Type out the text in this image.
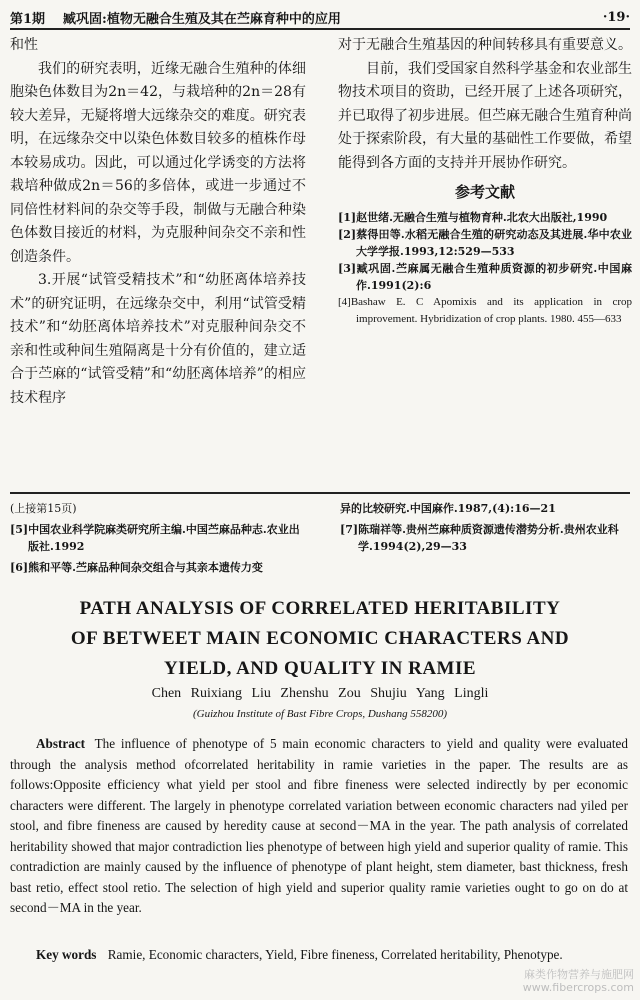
第1期 臧巩固:植物无融合生殖及其在苎麻育种中的应用	·19·

和性

我们的研究表明，近缘无融合生殖种的体细胞染色体数目为2n＝42，与栽培种的2n＝28有较大差异，无疑将增大远缘杂交的难度。研究表明，在远缘杂交中以染色体数目较多的植株作母本较易成功。因此，可以通过化学诱变的方法将栽培种做成2n＝56的多倍体，或进一步通过不同倍性材料间的杂交等手段，制做与无融合种染色体数目接近的材料，为克服种间杂交不亲和性创造条件。

3.开展“试管受精技术”和“幼胚离体培养技术”的研究证明，在远缘杂交中，利用“试管受精技术”和“幼胚离体培养技术”对克服种间杂交不亲和性或种间生殖隔离是十分有价值的，建立适合于苎麻的“试管受精”和“幼胚离体培养”的相应技术程序

对于无融合生殖基因的种间转移具有重要意义。

目前，我们受国家自然科学基金和农业部生物技术项目的资助，已经开展了上述各项研究，并已取得了初步进展。但苎麻无融合生殖育种尚处于探索阶段，有大量的基础性工作要做，希望能得到各方面的支持并开展协作研究。

参考文献

[1]赵世绪.无融合生殖与植物育种.北农大出版社,1990

[2]蔡得田等.水稻无融合生殖的研究动态及其进展.华中农业大学学报.1993,12:529—533

[3]臧巩固.苎麻属无融合生殖种质资源的初步研究.中国麻作.1991(2):6

[4]Bashaw E. C Apomixis and its application in crop improvement. Hybridization of crop plants. 1980. 455—633

(上接第15页)

[5]中国农业科学院麻类研究所主编.中国苎麻品种志.农业出版社.1992

[6]熊和平等.苎麻品种间杂交组合与其亲本遗传力变

异的比较研究.中国麻作.1987,(4):16—21

[7]陈瑞祥等.贵州苎麻种质资源遗传潜势分析.贵州农业科学.1994(2),29—33

PATH ANALYSIS OF CORRELATED HERITABILITY
OF BETWEET MAIN ECONOMIC CHARACTERS AND
YIELD, AND QUALITY IN RAMIE
Chen Ruixiang Liu Zhenshu Zou Shujiu Yang Lingli
(Guizhou Institute of Bast Fibre Crops, Dushang 558200)
Abstract The influence of phenotype of 5 main economic characters to yield and quality were evaluated through the analysis method ofcorrelated heritability in ramie varieties in the paper. The results are as follows:Opposite efficiency what yield per stool and fibre fineness were selected indirectly by per economic characters were different. The largely in phenotype correlated variation between economic characters nad yiled per stool, and fibre fineness are caused by heredity cause at second－MA in the year. The path analysis of correlated heritability showed that major contradiction lies phenotype of between high yield and superior quality of ramie. This contradiction are mainly caused by the influence of phenotype of plant height, stem diameter, bast thickness, fresh bast retio, effect stool retio. The selection of high yield and superior quality ramie varieties ought to go on do at second－MA in the year.
Key words Ramie, Economic characters, Yield, Fibre fineness, Correlated heritability, Phenotype.
麻类作物营养与施肥网
www.fibercrops.com
